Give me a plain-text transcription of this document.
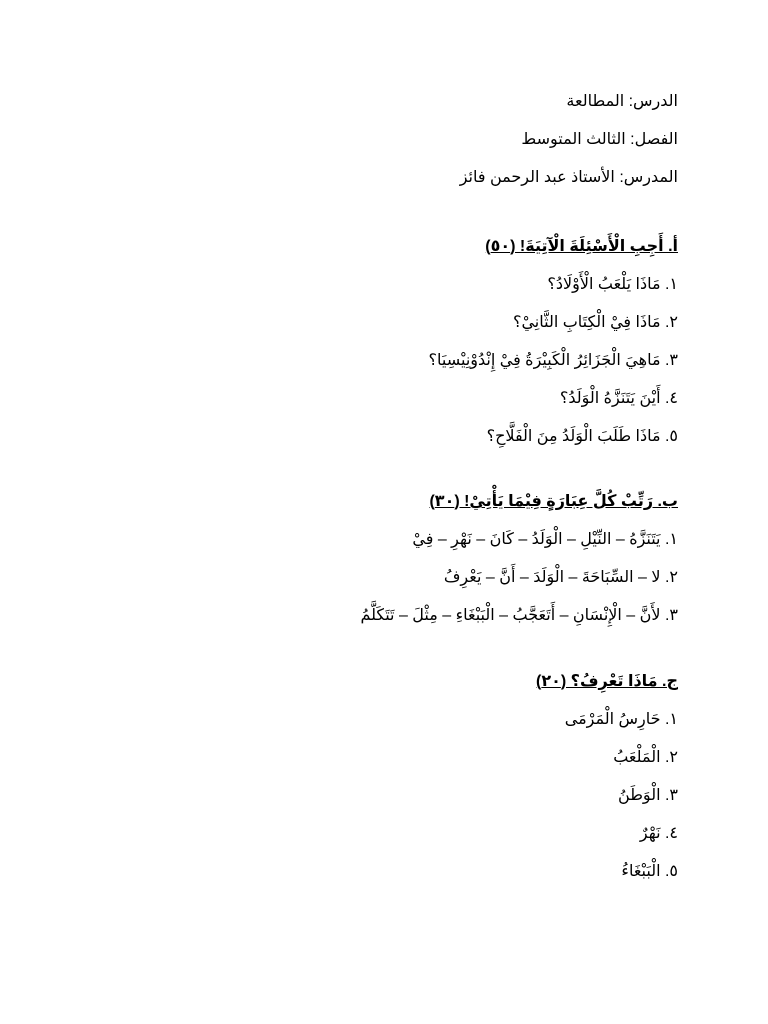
الدرس: المطالعة
الفصل: الثالث المتوسط
المدرس: الأستاذ عبد الرحمن فائز
أ. أَجِبِ الْأَسْئِلَةَ الْآتِيَةَ! (٥٠)
١. مَاذَا يَلْعَبُ الْأَوْلَادُ؟
٢. مَاذَا فِيْ الْكِتَابِ الثَّانِيْ؟
٣. مَاهِيَ الْجَزَائِرُ الْكَبِيْرَةُ فِيْ إِنْدُوْنِيْسِيَا؟
٤. أَيْنَ يَتَنَزَّهُ الْوَلَدُ؟
٥. مَاذَا طَلَبَ الْوَلَدُ مِنَ الْفَلَّاحِ؟
ب. رَتِّبْ كُلَّ عِبَارَةٍ فِيْمَا يَأْتِيْ! (٣٠)
١. يَتَنَزَّهُ – النِّيْلِ – الْوَلَدُ – كَانَ – نَهْرِ – فِيْ
٢. لا – السِّبَاحَةَ – الْوَلَدَ – أَنَّ – يَعْرِفُ
٣. لأَنَّ – الْإِنْسَانِ – أَتَعَجَّبُ – الْبَبْغَاءِ – مِثْلَ – تَتَكَلَّمُ
ج. مَاذَا تَعْرِفُ؟ (٢٠)
١. حَارِسُ الْمَرْمَى
٢. الْمَلْعَبُ
٣. الْوَطَنُ
٤. نَهْرٌ
٥. الْبَبْغَاءُ
